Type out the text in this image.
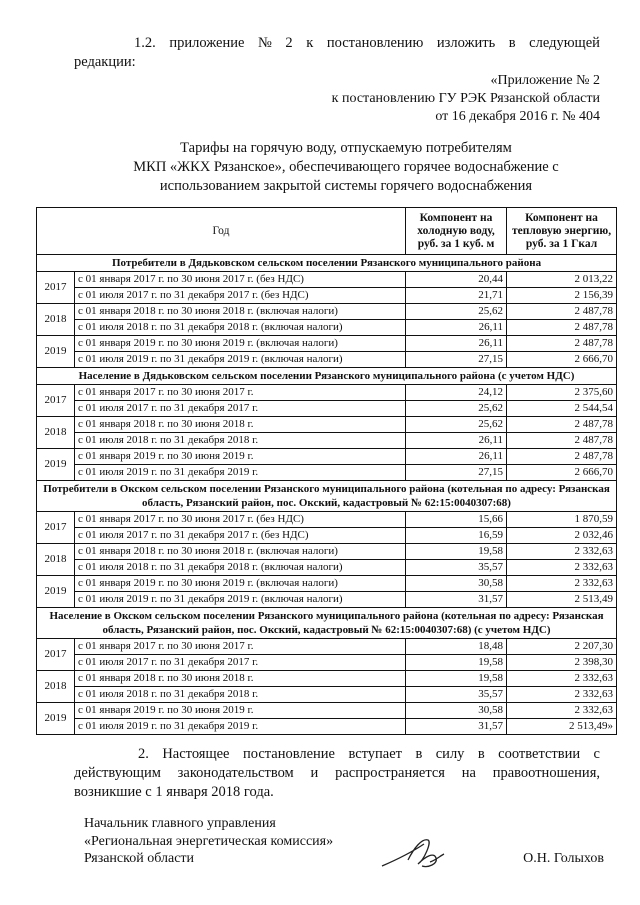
1.2. приложение № 2 к постановлению изложить в следующей
редакции:
«Приложение № 2
к постановлению ГУ РЭК Рязанской области
от 16 декабря 2016 г. № 404
Тарифы на горячую воду, отпускаемую потребителям
МКП «ЖКХ Рязанское», обеспечивающего горячее водоснабжение с
использованием закрытой системы горячего водоснабжения
Год		Компонент на холодную воду, руб. за 1 куб. м	Компонент на тепловую энергию, руб. за 1 Гкал
Потребители в Дядьковском сельском поселении Рязанского муниципального района			
2017	с 01 января 2017 г. по 30 июня 2017 г. (без НДС)	20,44	2 013,22
	с 01 июля 2017 г. по 31 декабря 2017 г. (без НДС)	21,71	2 156,39
2018	с 01 января 2018 г. по 30 июня 2018 г. (включая налоги)	25,62	2 487,78
	с 01 июля 2018 г. по 31 декабря 2018 г. (включая налоги)	26,11	2 487,78
2019	с 01 января 2019 г. по 30 июня 2019 г. (включая налоги)	26,11	2 487,78
	с 01 июля 2019 г. по 31 декабря 2019 г. (включая налоги)	27,15	2 666,70
Население в Дядьковском сельском поселении Рязанского муниципального района (с учетом НДС)			
2017	с 01 января 2017 г. по 30 июня 2017 г.	24,12	2 375,60
	с 01 июля 2017 г. по 31 декабря 2017 г.	25,62	2 544,54
2018	с 01 января 2018 г. по 30 июня 2018 г.	25,62	2 487,78
	с 01 июля 2018 г. по 31 декабря 2018 г.	26,11	2 487,78
2019	с 01 января 2019 г. по 30 июня 2019 г.	26,11	2 487,78
	с 01 июля 2019 г. по 31 декабря 2019 г.	27,15	2 666,70
Потребители в Окском сельском поселении Рязанского муниципального района (котельная по адресу: Рязанская область, Рязанский район, пос. Окский, кадастровый № 62:15:0040307:68)			
2017	с 01 января 2017 г. по 30 июня 2017 г. (без НДС)	15,66	1 870,59
	с 01 июля 2017 г. по 31 декабря 2017 г. (без НДС)	16,59	2 032,46
2018	с 01 января 2018 г. по 30 июня 2018 г. (включая налоги)	19,58	2 332,63
	с 01 июля 2018 г. по 31 декабря 2018 г. (включая налоги)	35,57	2 332,63
2019	с 01 января 2019 г. по 30 июня 2019 г. (включая налоги)	30,58	2 332,63
	с 01 июля 2019 г. по 31 декабря 2019 г. (включая налоги)	31,57	2 513,49
Население в Окском сельском поселении Рязанского муниципального района (котельная по адресу: Рязанская область, Рязанский район, пос. Окский, кадастровый № 62:15:0040307:68) (с учетом НДС)			
2017	с 01 января 2017 г. по 30 июня 2017 г.	18,48	2 207,30
	с 01 июля 2017 г. по 31 декабря 2017 г.	19,58	2 398,30
2018	с 01 января 2018 г. по 30 июня 2018 г.	19,58	2 332,63
	с 01 июля 2018 г. по 31 декабря 2018 г.	35,57	2 332,63
2019	с 01 января 2019 г. по 30 июня 2019 г.	30,58	2 332,63
	с 01 июля 2019 г. по 31 декабря 2019 г.	31,57	2 513,49»
2. Настоящее постановление вступает в силу в соответствии с действующим законодательством и распространяется на правоотношения, возникшие с 1 января 2018 года.
Начальник главного управления
«Региональная энергетическая комиссия»
Рязанской области	О.Н. Голыхов
